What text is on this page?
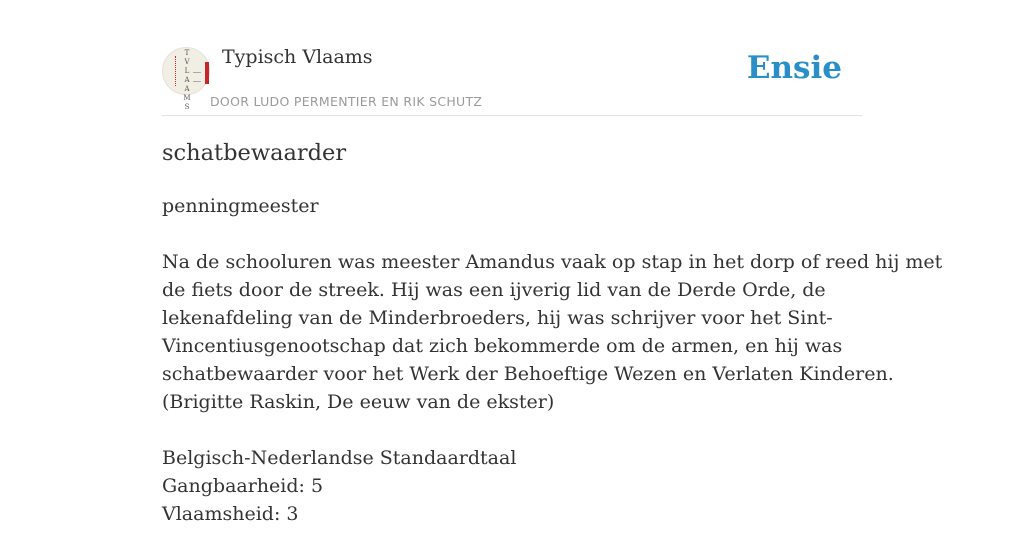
T
V
L
A
A
M
S
Typisch Vlaams
DOOR LUDO PERMENTIER EN RIK SCHUTZ
Ensie
schatbewaarder

penningmeester

Na de schooluren was meester Amandus vaak op stap in het dorp of reed hij met
de fiets door de streek. Hij was een ijverig lid van de Derde Orde, de
lekenafdeling van de Minderbroeders, hij was schrijver voor het Sint-
Vincentiusgenootschap dat zich bekommerde om de armen, en hij was
schatbewaarder voor het Werk der Behoeftige Wezen en Verlaten Kinderen.
(Brigitte Raskin, De eeuw van de ekster)

Belgisch-Nederlandse Standaardtaal
Gangbaarheid: 5
Vlaamsheid: 3
